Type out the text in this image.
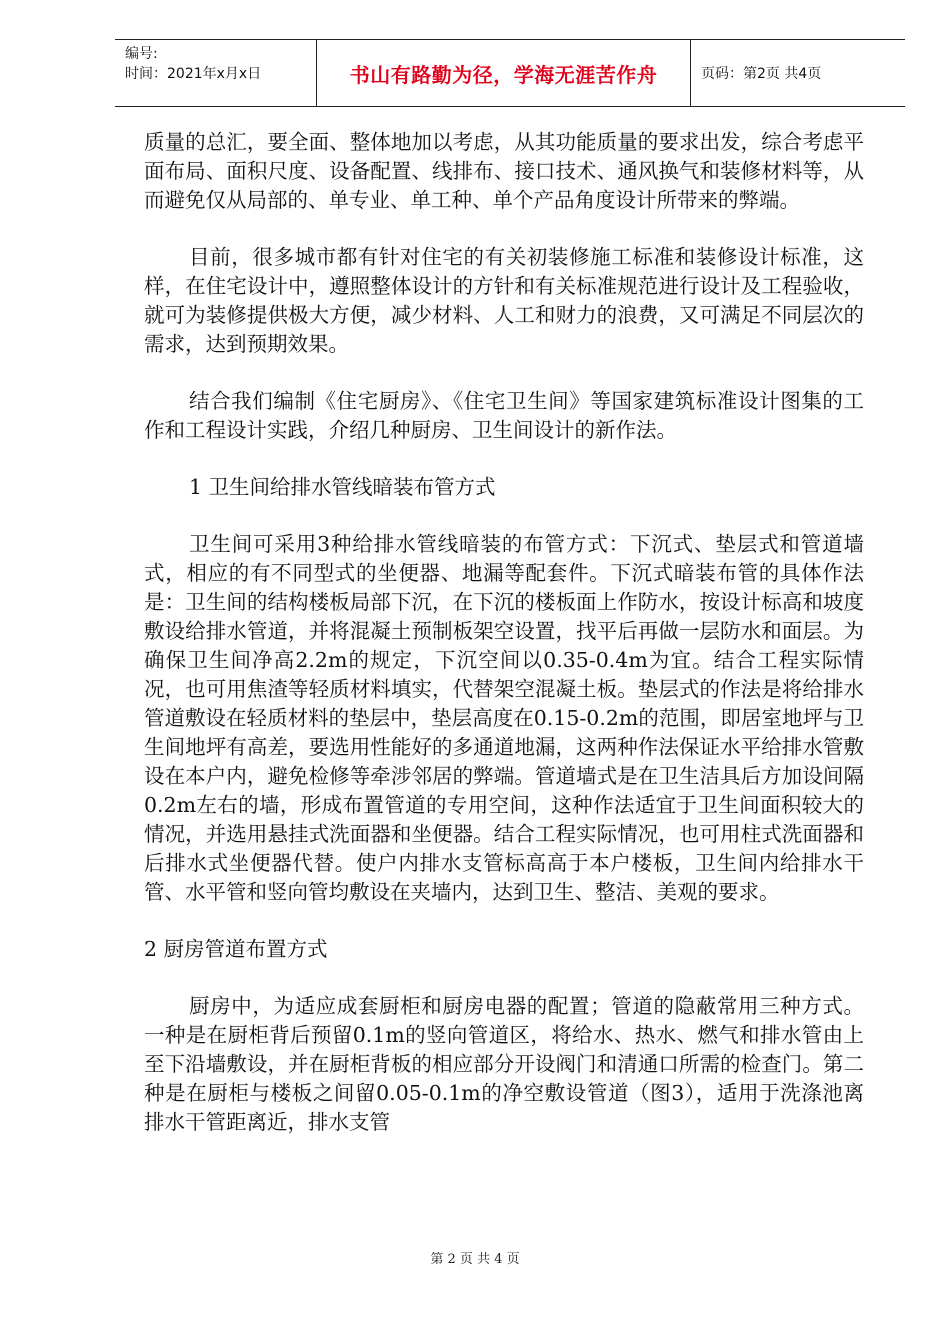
编号:
时间：2021年x月x日	书山有路勤为径，学海无涯苦作舟	页码：第2页 共4页

质量的总汇，要全面、整体地加以考虑，从其功能质量的要求出发，综合考虑平面布局、面积尺度、设备配置、线排布、接口技术、通风换气和装修材料等，从而避免仅从局部的、单专业、单工种、单个产品角度设计所带来的弊端。

目前，很多城市都有针对住宅的有关初装修施工标准和装修设计标准，这样，在住宅设计中，遵照整体设计的方针和有关标准规范进行设计及工程验收，就可为装修提供极大方便，减少材料、人工和财力的浪费，又可满足不同层次的需求，达到预期效果。

结合我们编制《住宅厨房》、《住宅卫生间》等国家建筑标准设计图集的工作和工程设计实践，介绍几种厨房、卫生间设计的新作法。

1 卫生间给排水管线暗装布管方式

卫生间可采用3种给排水管线暗装的布管方式：下沉式、垫层式和管道墙式，相应的有不同型式的坐便器、地漏等配套件。下沉式暗装布管的具体作法是：卫生间的结构楼板局部下沉，在下沉的楼板面上作防水，按设计标高和坡度敷设给排水管道，并将混凝土预制板架空设置，找平后再做一层防水和面层。为确保卫生间净高2.2m的规定，下沉空间以0.35-0.4m为宜。结合工程实际情况，也可用焦渣等轻质材料填实，代替架空混凝土板。垫层式的作法是将给排水管道敷设在轻质材料的垫层中，垫层高度在0.15-0.2m的范围，即居室地坪与卫生间地坪有高差，要选用性能好的多通道地漏，这两种作法保证水平给排水管敷设在本户内，避免检修等牵涉邻居的弊端。管道墙式是在卫生洁具后方加设间隔0.2m左右的墙，形成布置管道的专用空间，这种作法适宜于卫生间面积较大的情况，并选用悬挂式洗面器和坐便器。结合工程实际情况，也可用柱式洗面器和后排水式坐便器代替。使户内排水支管标高高于本户楼板，卫生间内给排水干管、水平管和竖向管均敷设在夹墙内，达到卫生、整洁、美观的要求。

2 厨房管道布置方式

厨房中，为适应成套厨柜和厨房电器的配置；管道的隐蔽常用三种方式。一种是在厨柜背后预留0.1m的竖向管道区，将给水、热水、燃气和排水管由上至下沿墙敷设，并在厨柜背板的相应部分开设阀门和清通口所需的检查门。第二种是在厨柜与楼板之间留0.05-0.1m的净空敷设管道（图3），适用于洗涤池离排水干管距离近，排水支管

第 2 页 共 4 页
